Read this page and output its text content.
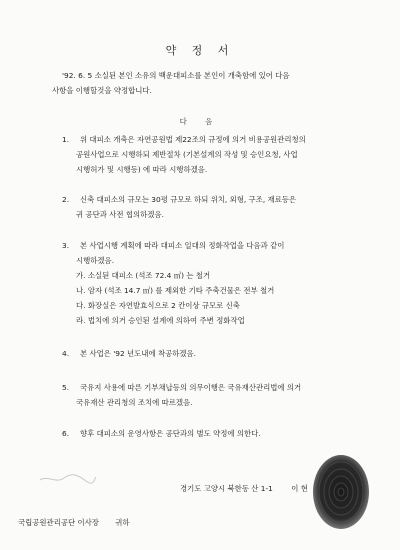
약 정 서
'92. 6. 5 소실된 본인 소유의 백운대피소를 본인이 개축함에 있어 다음
사항을 이행할것을 약정합니다.
다 음
1. 위 대피소 개축은 자연공원법 제22조의 규정에 의거 비용공원관리청의
공원사업으로 시행하되 제반절차 (기본설계의 작성 및 승인요청, 사업
시행허가 및 시행등) 에 따라 시행하겠음.
2. 신축 대피소의 규모는 30평 규모로 하되 위치, 외형, 구조, 재료등은
귀 공단과 사전 협의하겠음.
3. 본 사업시행 계획에 따라 대피소 일대의 정화작업을 다음과 같이
시행하겠음.
가. 소실된 대피소 (석조 72.4 ㎡) 는 철거
나. 암자 (석조 14.7 ㎡) 를 제외한 기타 주축건물은 전부 철거
다. 화장실은 자연발효식으로 2 칸이상 규모로 신축
라. 법치에 의거 승인된 설계에 의하여 주변 정화작업
4. 본 사업은 '92 년도내에 착공하겠음.
5. 국유지 사용에 따른 기부채납등의 의무이행은 국유재산관리법에 의거
국유재산 관리청의 조치에 따르겠음.
6. 향후 대피소의 운영사항은 공단과의 별도 약정에 의한다.
경기도 고양시 북한동 산 1-1 이 현
국립공원관리공단 이사장 귀하
